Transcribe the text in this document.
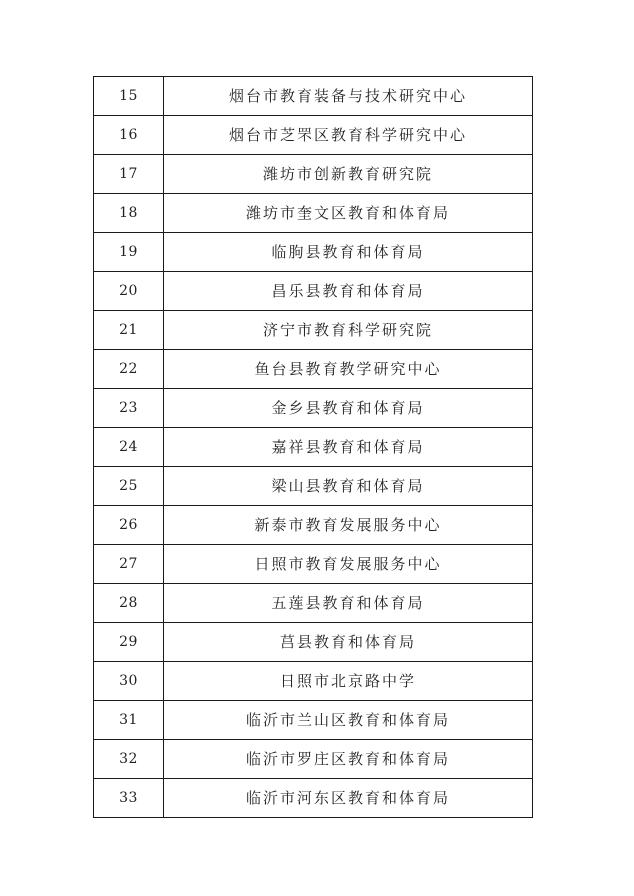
15	烟台市教育装备与技术研究中心
16	烟台市芝罘区教育科学研究中心
17	潍坊市创新教育研究院
18	潍坊市奎文区教育和体育局
19	临朐县教育和体育局
20	昌乐县教育和体育局
21	济宁市教育科学研究院
22	鱼台县教育教学研究中心
23	金乡县教育和体育局
24	嘉祥县教育和体育局
25	梁山县教育和体育局
26	新泰市教育发展服务中心
27	日照市教育发展服务中心
28	五莲县教育和体育局
29	莒县教育和体育局
30	日照市北京路中学
31	临沂市兰山区教育和体育局
32	临沂市罗庄区教育和体育局
33	临沂市河东区教育和体育局
